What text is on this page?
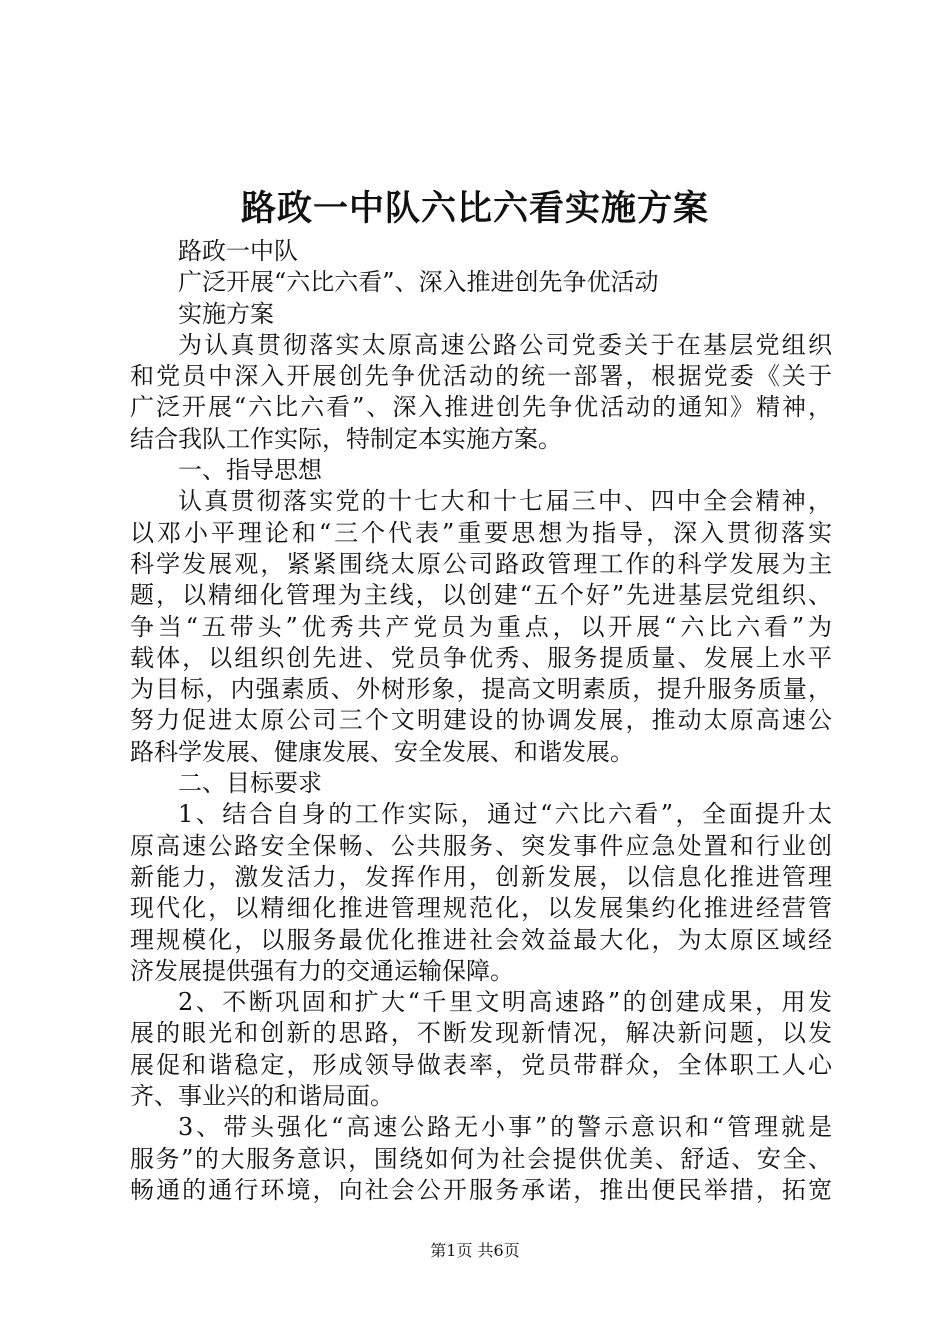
路政一中队六比六看实施方案

路政一中队

广泛开展“六比六看”、深入推进创先争优活动

实施方案

为认真贯彻落实太原高速公路公司党委关于在基层党组织

和党员中深入开展创先争优活动的统一部署，根据党委《关于

广泛开展“六比六看”、深入推进创先争优活动的通知》精神，

结合我队工作实际，特制定本实施方案。

一、指导思想

认真贯彻落实党的十七大和十七届三中、四中全会精神，

以邓小平理论和“三个代表”重要思想为指导，深入贯彻落实

科学发展观，紧紧围绕太原公司路政管理工作的科学发展为主

题，以精细化管理为主线，以创建“五个好”先进基层党组织、

争当“五带头”优秀共产党员为重点，以开展“六比六看”为

载体，以组织创先进、党员争优秀、服务提质量、发展上水平

为目标，内强素质、外树形象，提高文明素质，提升服务质量，

努力促进太原公司三个文明建设的协调发展，推动太原高速公

路科学发展、健康发展、安全发展、和谐发展。

二、目标要求

1、结合自身的工作实际，通过“六比六看”，全面提升太

原高速公路安全保畅、公共服务、突发事件应急处置和行业创

新能力，激发活力，发挥作用，创新发展，以信息化推进管理

现代化，以精细化推进管理规范化，以发展集约化推进经营管

理规模化，以服务最优化推进社会效益最大化，为太原区域经

济发展提供强有力的交通运输保障。

2、不断巩固和扩大“千里文明高速路”的创建成果，用发

展的眼光和创新的思路，不断发现新情况，解决新问题，以发

展促和谐稳定，形成领导做表率，党员带群众，全体职工人心

齐、事业兴的和谐局面。

3、带头强化“高速公路无小事”的警示意识和“管理就是

服务”的大服务意识，围绕如何为社会提供优美、舒适、安全、

畅通的通行环境，向社会公开服务承诺，推出便民举措，拓宽

第1页 共6页
